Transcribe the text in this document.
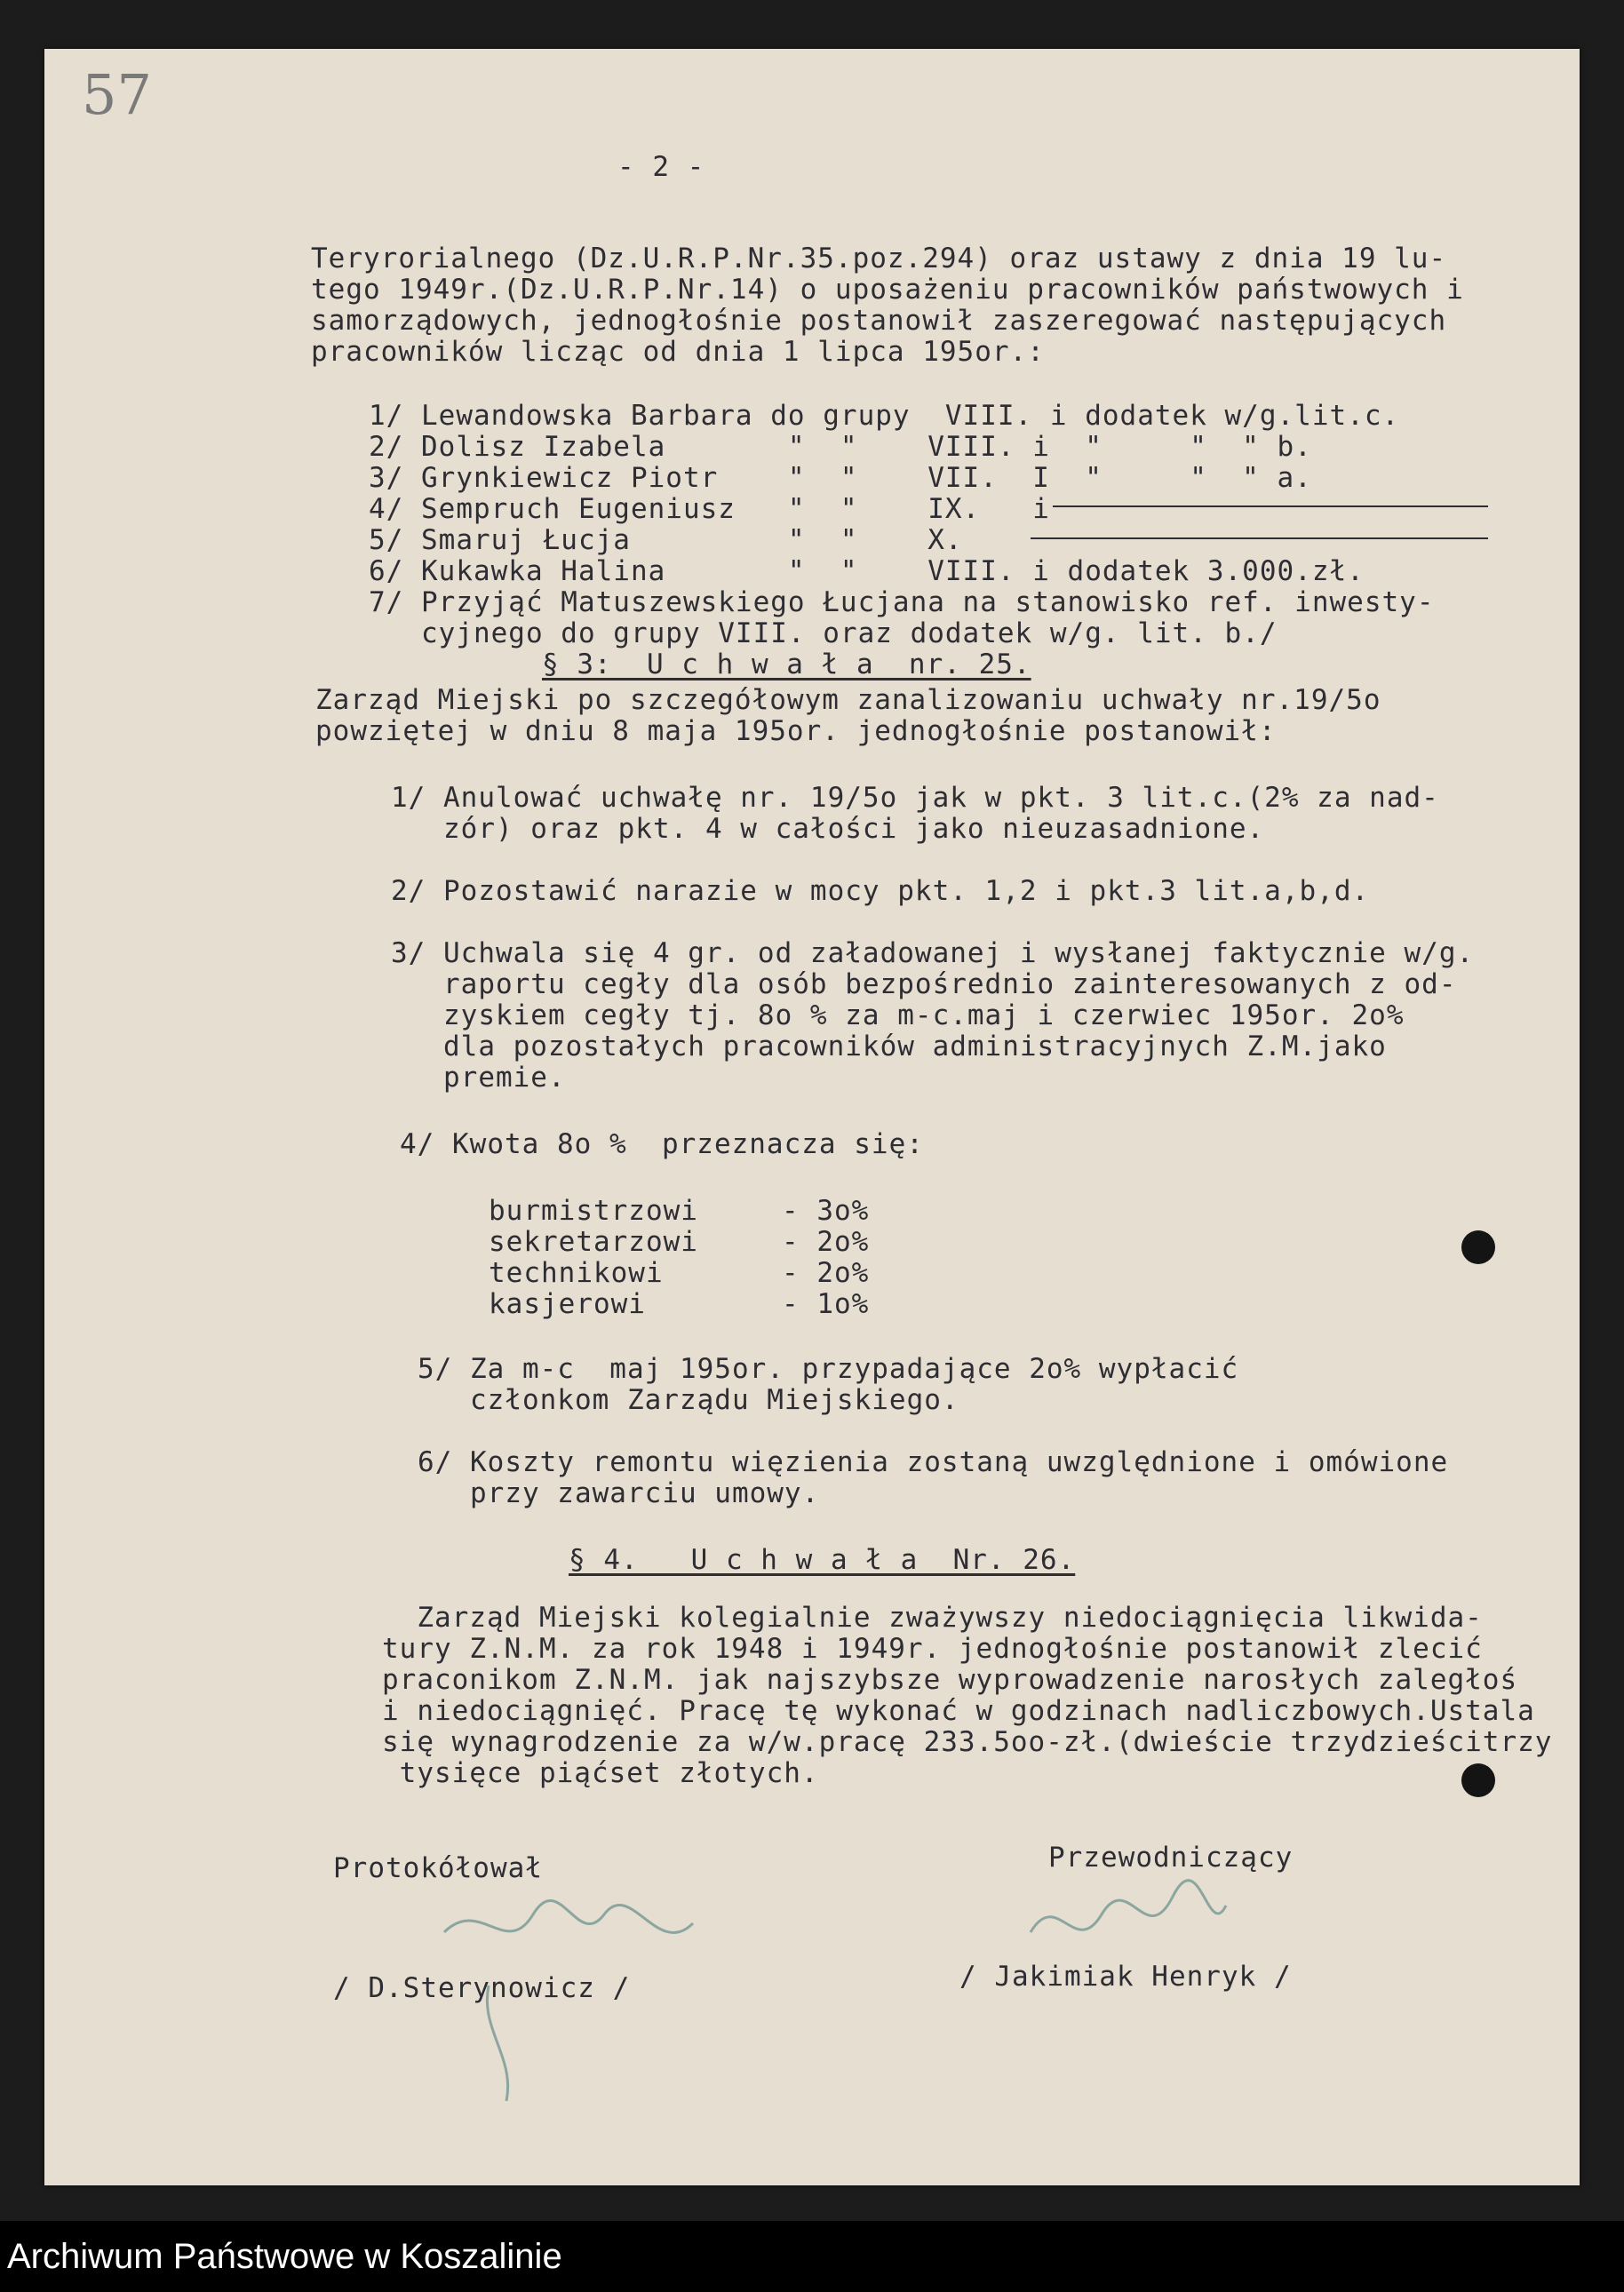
57
- 2 -
Teryrorialnego (Dz.U.R.P.Nr.35.poz.294) oraz ustawy z dnia 19 lu-
tego 1949r.(Dz.U.R.P.Nr.14) o uposażeniu pracowników państwowych i
samorządowych, jednogłośnie postanowił zaszeregować następujących
pracowników licząc od dnia 1 lipca 195or.:
1/ Lewandowska Barbara do grupy  VIII. i dodatek w/g.lit.c.
2/ Dolisz Izabela       "  "    VIII. i  "     "  " b.
3/ Grynkiewicz Piotr    "  "    VII.  I  "     "  " a.
4/ Sempruch Eugeniusz   "  "    IX.   i
5/ Smaruj Łucja         "  "    X.
6/ Kukawka Halina       "  "    VIII. i dodatek 3.000.zł.
7/ Przyjąć Matuszewskiego Łucjana na stanowisko ref. inwesty-
cyjnego do grupy VIII. oraz dodatek w/g. lit. b./
§ 3:  U c h w a ł a  nr. 25.
Zarząd Miejski po szczegółowym zanalizowaniu uchwały nr.19/5o
powziętej w dniu 8 maja 195or. jednogłośnie postanowił:
1/ Anulować uchwałę nr. 19/5o jak w pkt. 3 lit.c.(2% za nad-
zór) oraz pkt. 4 w całości jako nieuzasadnione.
2/ Pozostawić narazie w mocy pkt. 1,2 i pkt.3 lit.a,b,d.
3/ Uchwala się 4 gr. od załadowanej i wysłanej faktycznie w/g.
raportu cegły dla osób bezpośrednio zainteresowanych z od-
zyskiem cegły tj. 8o % za m-c.maj i czerwiec 195or. 2o%
dla pozostałych pracowników administracyjnych Z.M.jako
premie.
4/ Kwota 8o %  przeznacza się:
burmistrzowi	- 3o%
sekretarzowi	- 2o%
technikowi	- 2o%
kasjerowi	- 1o%
5/ Za m-c  maj 195or. przypadające 2o% wypłacić
członkom Zarządu Miejskiego.
6/ Koszty remontu więzienia zostaną uwzględnione i omówione
przy zawarciu umowy.
§ 4.   U c h w a ł a  Nr. 26.
Zarząd Miejski kolegialnie zważywszy niedociągnięcia likwida-
tury Z.N.M. za rok 1948 i 1949r. jednogłośnie postanowił zlecić
praconikom Z.N.M. jak najszybsze wyprowadzenie narosłych zaległoś
i niedociągnięć. Pracę tę wykonać w godzinach nadliczbowych.Ustala
się wynagrodzenie za w/w.pracę 233.5oo-zł.(dwieście trzydzieścitrzy
tysięce piąćset złotych.
Protokółował	Przewodniczący
/ D.Sterynowicz /	/ Jakimiak Henryk /
Archiwum Państwowe w Koszalinie
